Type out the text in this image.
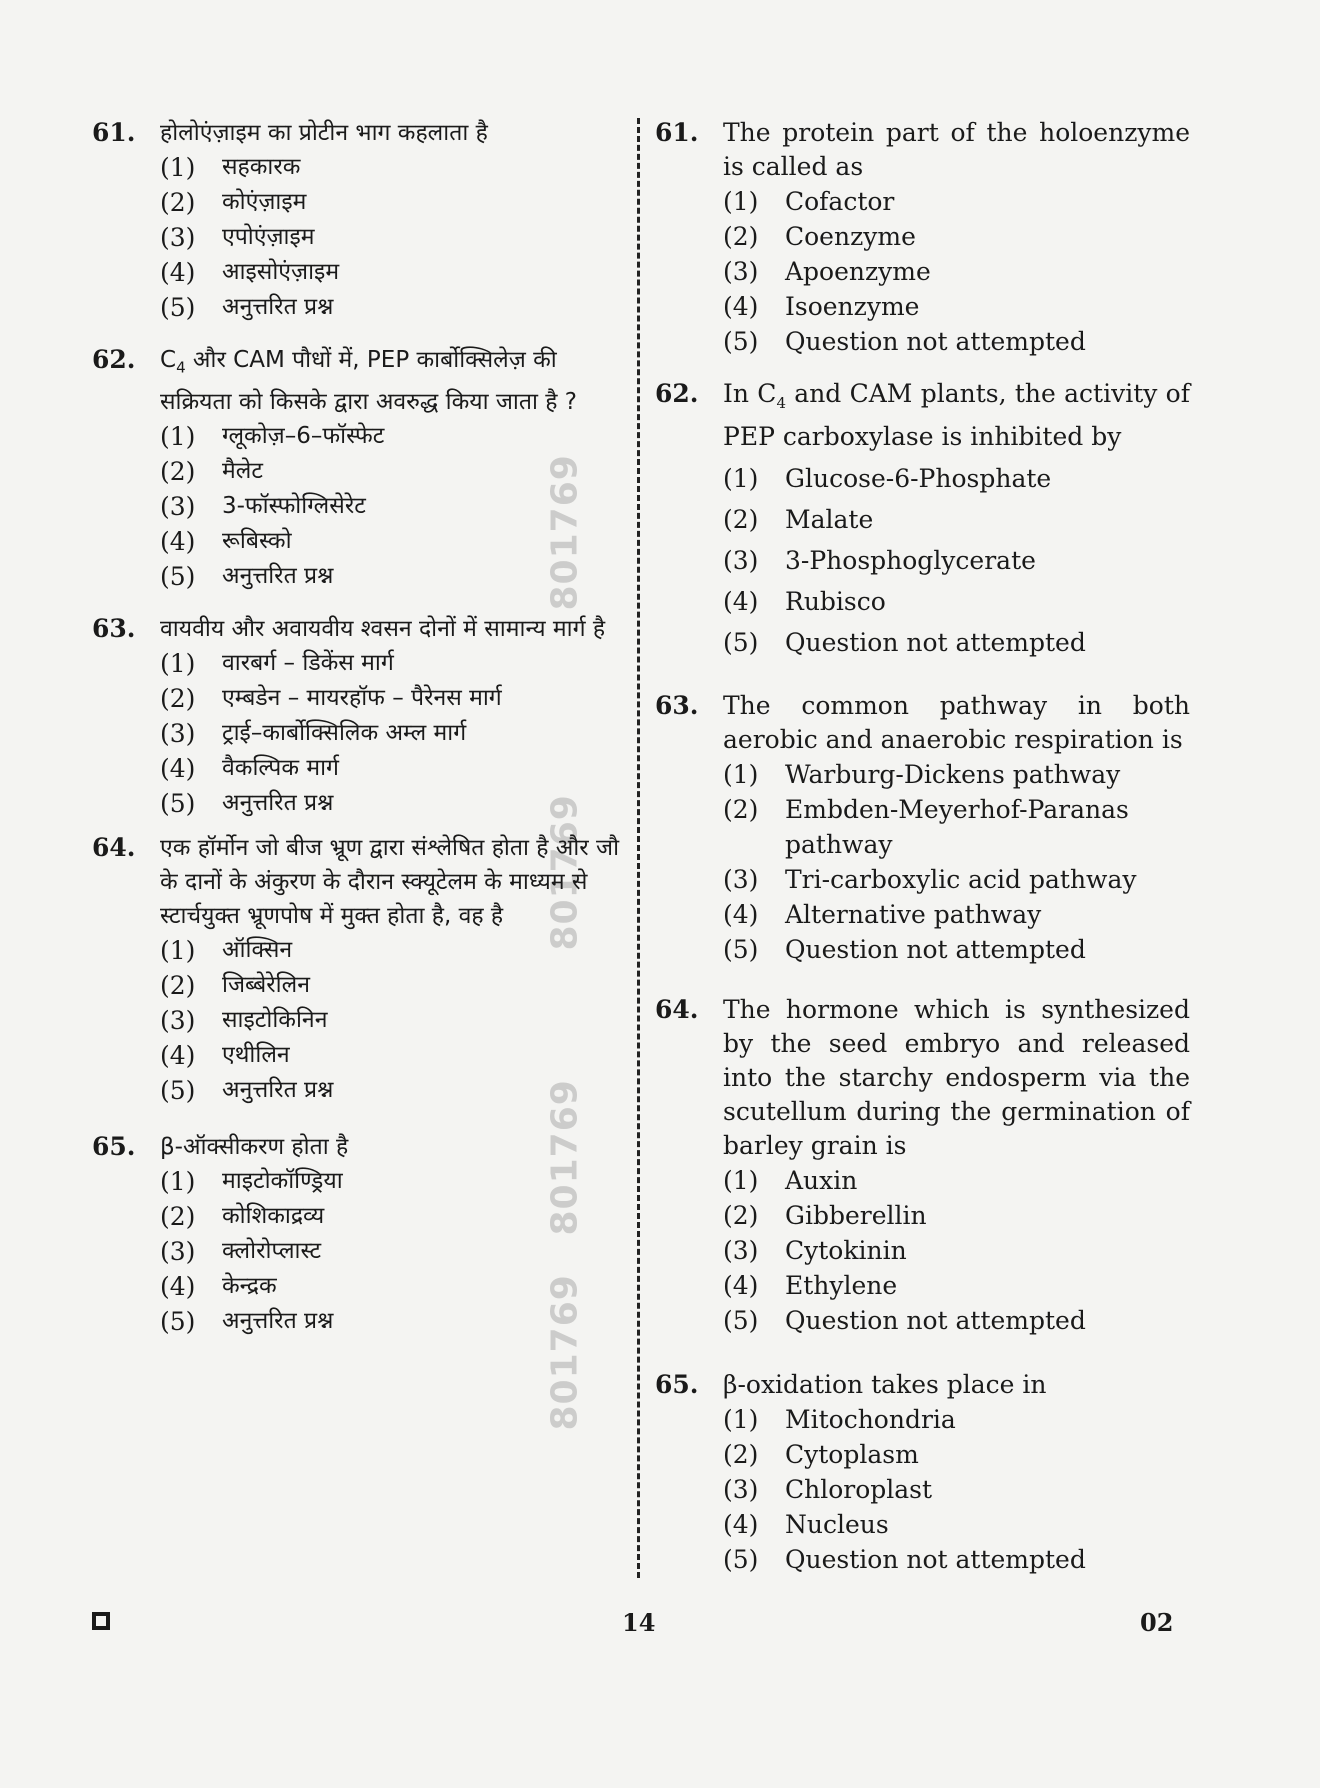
801769
801769
801769
801769
61. होलोएंज़ाइम का प्रोटीन भाग कहलाता है
(1)	सहकारक
(2)	कोएंज़ाइम
(3)	एपोएंज़ाइम
(4)	आइसोएंज़ाइम
(5)	अनुत्तरित प्रश्न
62. $C_4$ और CAM पौधों में, PEP कार्बोक्सिलेज़ की सक्रियता को किसके द्वारा अवरुद्ध किया जाता है ?
(1)	ग्लूकोज़–6–फॉस्फेट
(2)	मैलेट
(3)	3-फॉस्फोग्लिसेरेट
(4)	रूबिस्को
(5)	अनुत्तरित प्रश्न
63. वायवीय और अवायवीय श्वसन दोनों में सामान्य मार्ग है
(1)	वारबर्ग – डिकेंस मार्ग
(2)	एम्बडेन – मायरहॉफ – पैरेनस मार्ग
(3)	ट्राई–कार्बोक्सिलिक अम्ल मार्ग
(4)	वैकल्पिक मार्ग
(5)	अनुत्तरित प्रश्न
64. एक हॉर्मोन जो बीज भ्रूण द्वारा संश्लेषित होता है और जौ के दानों के अंकुरण के दौरान स्क्यूटेलम के माध्यम से स्टार्चयुक्त भ्रूणपोष में मुक्त होता है, वह है
(1)	ऑक्सिन
(2)	जिब्बेरेलिन
(3)	साइटोकिनिन
(4)	एथीलिन
(5)	अनुत्तरित प्रश्न
65. β-ऑक्सीकरण होता है
(1)	माइटोकॉण्ड्रिया
(2)	कोशिकाद्रव्य
(3)	क्लोरोप्लास्ट
(4)	केन्द्रक
(5)	अनुत्तरित प्रश्न
61. The protein part of the holoenzyme is called as
(1)	Cofactor
(2)	Coenzyme
(3)	Apoenzyme
(4)	Isoenzyme
(5)	Question not attempted
62. In $C_4$ and CAM plants, the activity of PEP carboxylase is inhibited by
(1)	Glucose-6-Phosphate
(2)	Malate
(3)	3-Phosphoglycerate
(4)	Rubisco
(5)	Question not attempted
63. The common pathway in both aerobic and anaerobic respiration is
(1)	Warburg-Dickens pathway
(2)	Embden-Meyerhof-Paranas pathway
(3)	Tri-carboxylic acid pathway
(4)	Alternative pathway
(5)	Question not attempted
64. The hormone which is synthesized by the seed embryo and released into the starchy endosperm via the scutellum during the germination of barley grain is
(1)	Auxin
(2)	Gibberellin
(3)	Cytokinin
(4)	Ethylene
(5)	Question not attempted
65. β-oxidation takes place in
(1)	Mitochondria
(2)	Cytoplasm
(3)	Chloroplast
(4)	Nucleus
(5)	Question not attempted
14	02
